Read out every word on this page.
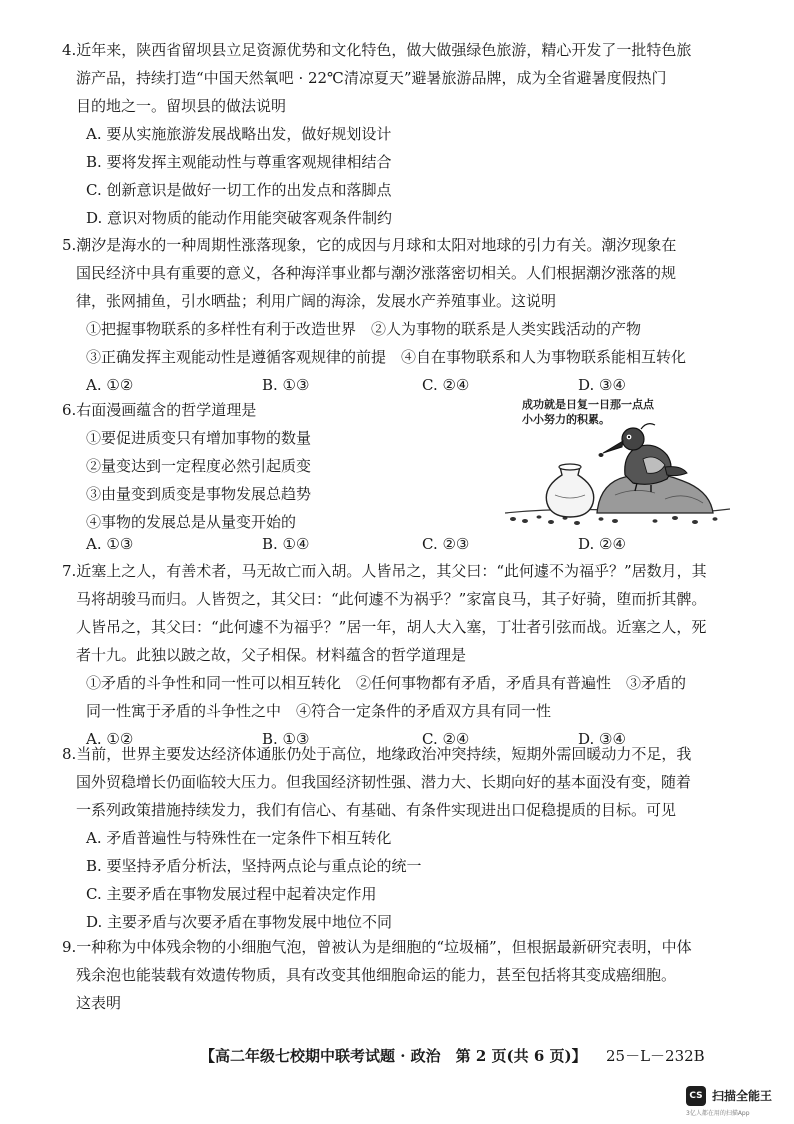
4.近年来，陕西省留坝县立足资源优势和文化特色，做大做强绿色旅游，精心开发了一批特色旅

游产品，持续打造“中国天然氧吧 · 22℃清凉夏天”避暑旅游品牌，成为全省避暑度假热门

目的地之一。留坝县的做法说明

A. 要从实施旅游发展战略出发，做好规划设计

B. 要将发挥主观能动性与尊重客观规律相结合

C. 创新意识是做好一切工作的出发点和落脚点

D. 意识对物质的能动作用能突破客观条件制约

5.潮汐是海水的一种周期性涨落现象，它的成因与月球和太阳对地球的引力有关。潮汐现象在

国民经济中具有重要的意义，各种海洋事业都与潮汐涨落密切相关。人们根据潮汐涨落的规

律，张网捕鱼，引水晒盐；利用广阔的海涂，发展水产养殖事业。这说明

①把握事物联系的多样性有利于改造世界　②人为事物的联系是人类实践活动的产物

③正确发挥主观能动性是遵循客观规律的前提　④自在事物联系和人为事物联系能相互转化

A. ①②	B. ①③	C. ②④	D. ③④

6.右面漫画蕴含的哲学道理是

①要促进质变只有增加事物的数量

②量变达到一定程度必然引起质变

③由量变到质变是事物发展总趋势

④事物的发展总是从量变开始的

A. ①③	B. ①④	C. ②③	D. ②④
成功就是日复一日那一点点
小小努力的积累。

7.近塞上之人，有善术者，马无故亡而入胡。人皆吊之，其父曰：“此何遽不为福乎？”居数月，其

马将胡骏马而归。人皆贺之，其父曰：“此何遽不为祸乎？”家富良马，其子好骑，堕而折其髀。

人皆吊之，其父曰：“此何遽不为福乎？”居一年，胡人大入塞，丁壮者引弦而战。近塞之人，死

者十九。此独以跛之故，父子相保。材料蕴含的哲学道理是

①矛盾的斗争性和同一性可以相互转化　②任何事物都有矛盾，矛盾具有普遍性　③矛盾的

同一性寓于矛盾的斗争性之中　④符合一定条件的矛盾双方具有同一性

A. ①②	B. ①③	C. ②④	D. ③④

8.当前，世界主要发达经济体通胀仍处于高位，地缘政治冲突持续，短期外需回暖动力不足，我

国外贸稳增长仍面临较大压力。但我国经济韧性强、潜力大、长期向好的基本面没有变，随着

一系列政策措施持续发力，我们有信心、有基础、有条件实现进出口促稳提质的目标。可见

A. 矛盾普遍性与特殊性在一定条件下相互转化

B. 要坚持矛盾分析法，坚持两点论与重点论的统一

C. 主要矛盾在事物发展过程中起着决定作用

D. 主要矛盾与次要矛盾在事物发展中地位不同

9.一种称为中体残余物的小细胞气泡，曾被认为是细胞的“垃圾桶”，但根据最新研究表明，中体

残余泡也能装载有效遗传物质，具有改变其他细胞命运的能力，甚至包括将其变成癌细胞。

这表明

【高二年级七校期中联考试题 · 政治　第 2 页(共 6 页)】 25－L－232B
CS 扫描全能王
3亿人都在用的扫描App
